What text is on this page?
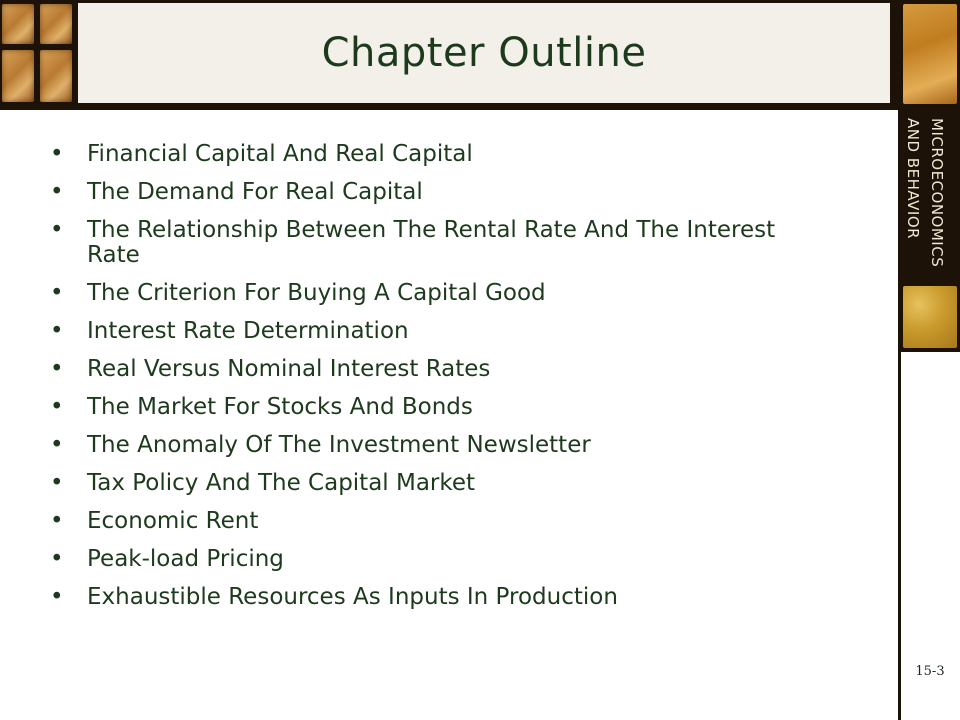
Chapter Outline
MICROECONOMICS
AND BEHAVIOR
• Financial Capital And Real Capital
• The Demand For Real Capital
• The Relationship Between The Rental Rate And The Interest Rate
• The Criterion For Buying A Capital Good
• Interest Rate Determination
• Real Versus Nominal Interest Rates
• The Market For Stocks And Bonds
• The Anomaly Of The Investment Newsletter
• Tax Policy And The Capital Market
• Economic Rent
• Peak-load Pricing
• Exhaustible Resources As Inputs In Production
15-3
